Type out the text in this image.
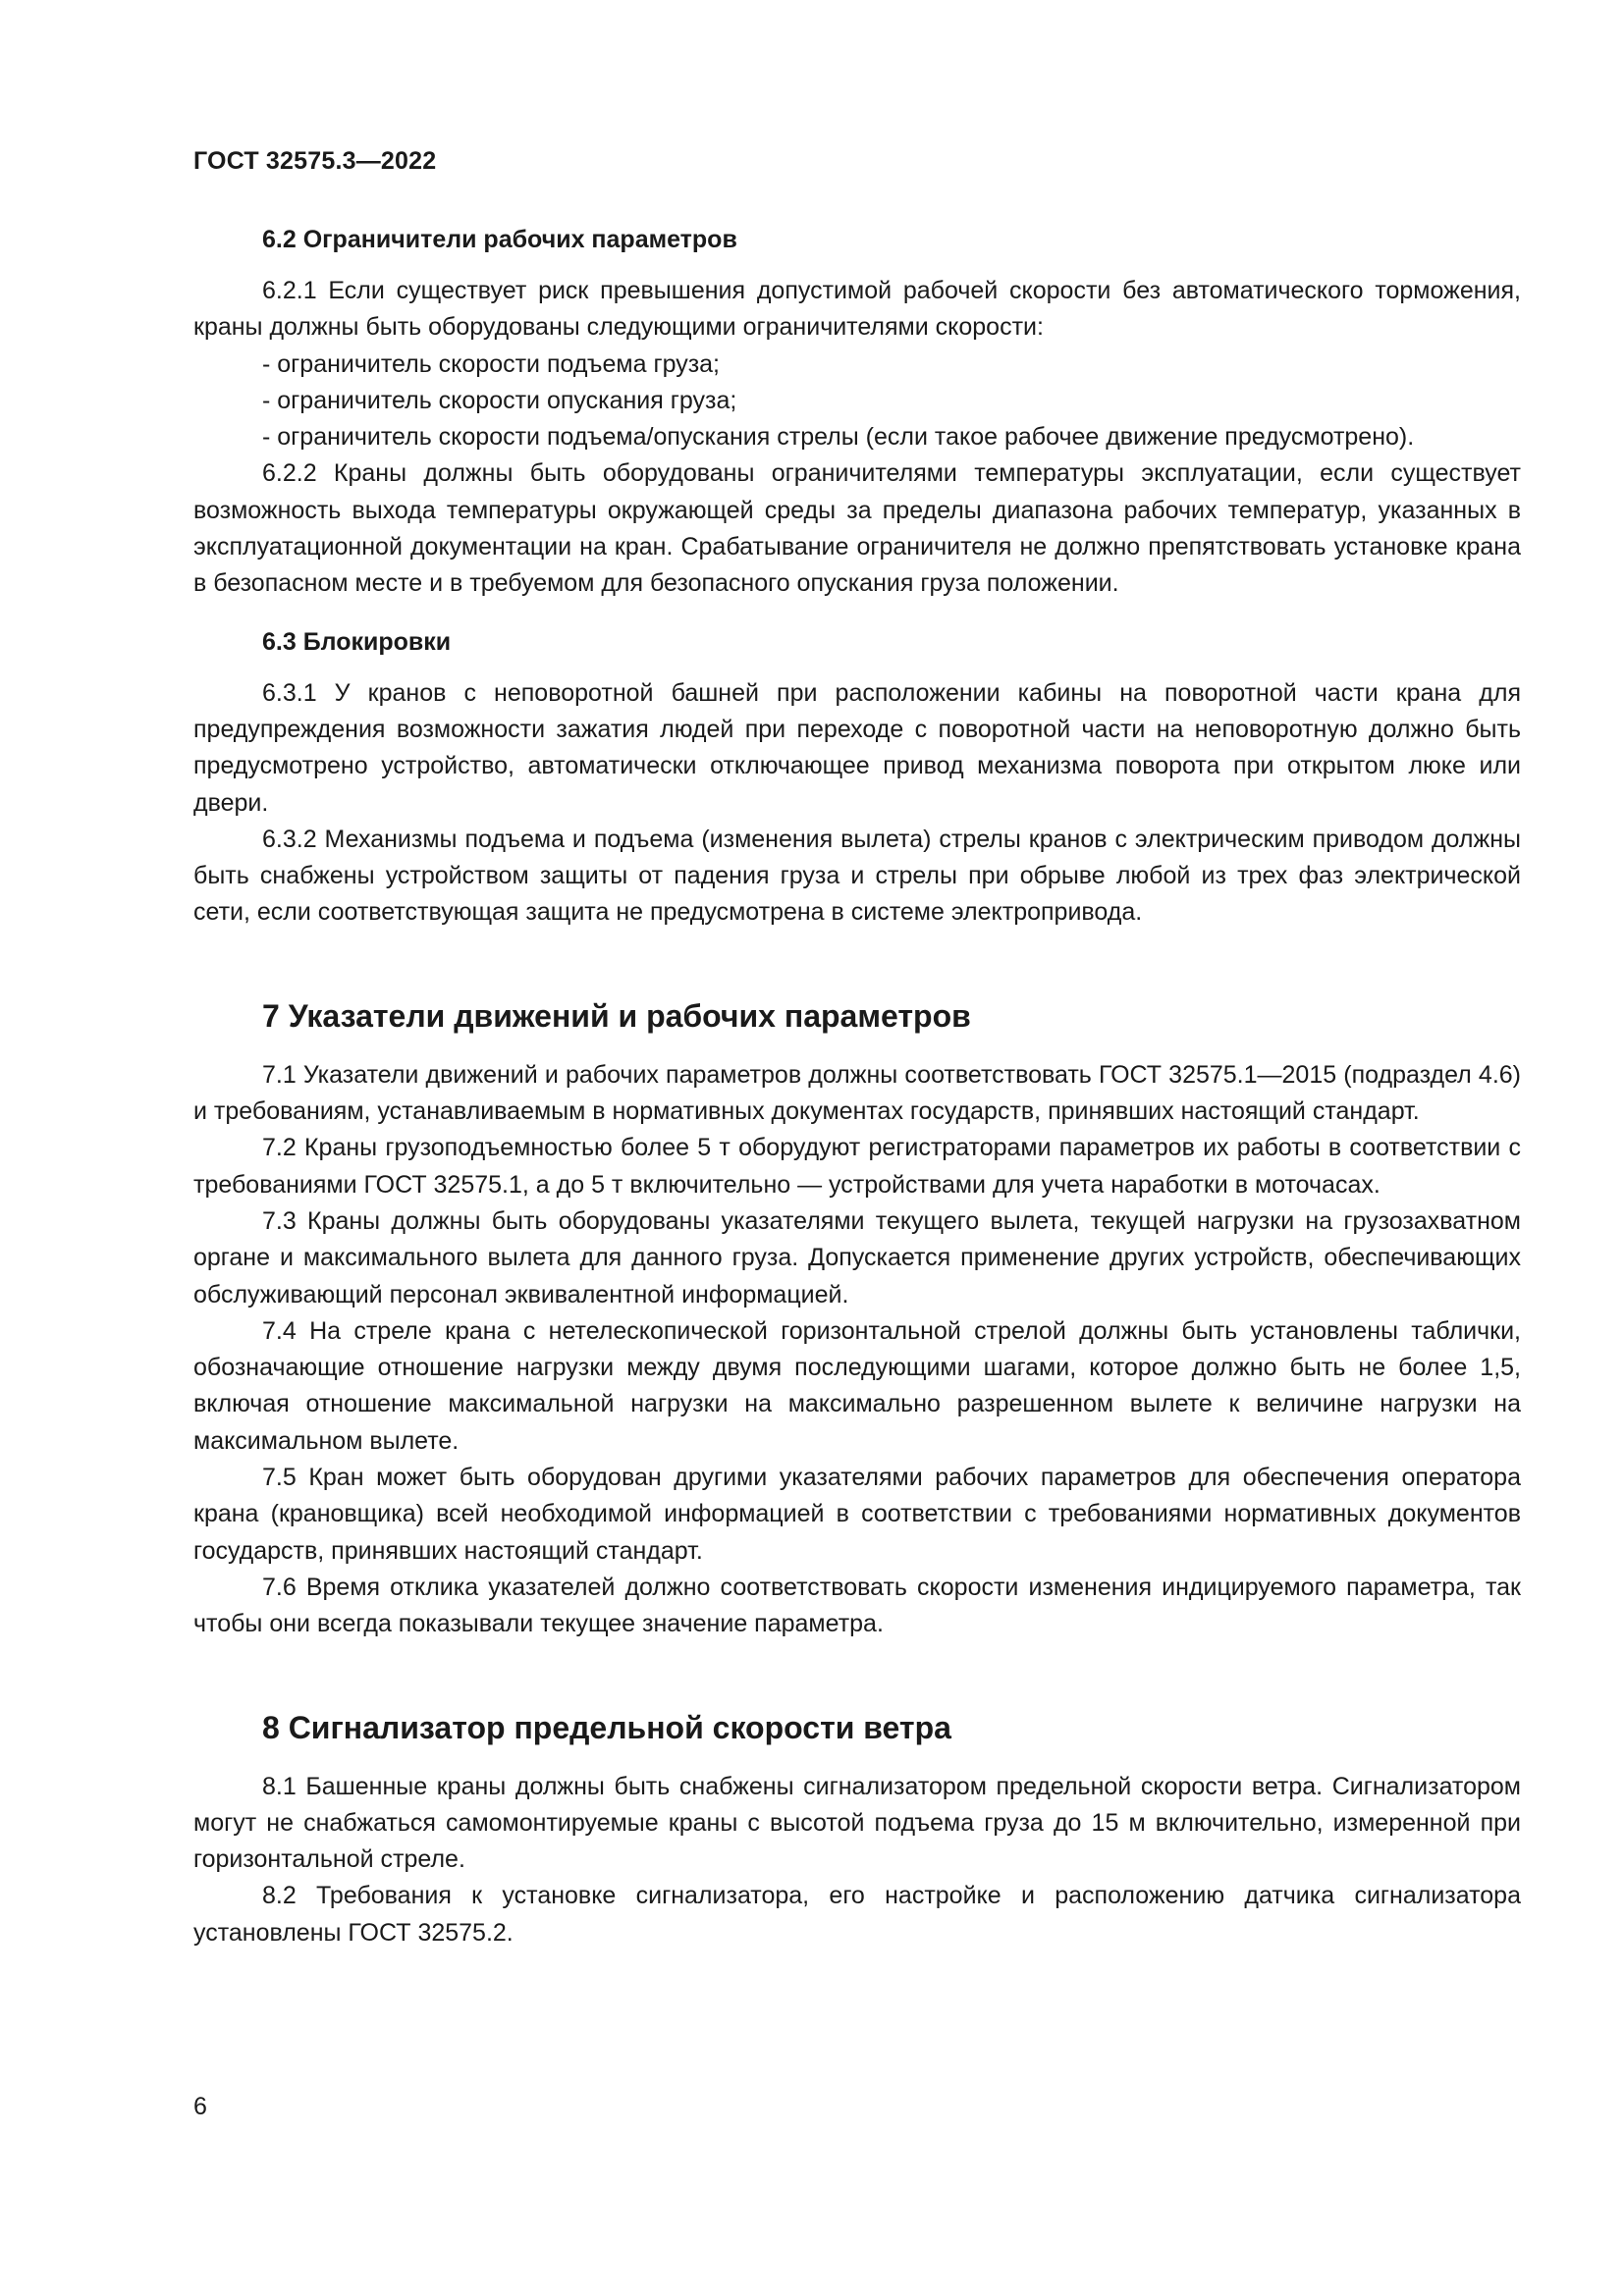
ГОСТ 32575.3—2022
6.2 Ограничители рабочих параметров

6.2.1 Если существует риск превышения допустимой рабочей скорости без автоматического торможения, краны должны быть оборудованы следующими ограничителями скорости:

- ограничитель скорости подъема груза;

- ограничитель скорости опускания груза;

- ограничитель скорости подъема/опускания стрелы (если такое рабочее движение предусмотрено).

6.2.2 Краны должны быть оборудованы ограничителями температуры эксплуатации, если существует возможность выхода температуры окружающей среды за пределы диапазона рабочих температур, указанных в эксплуатационной документации на кран. Срабатывание ограничителя не должно препятствовать установке крана в безопасном месте и в требуемом для безопасного опускания груза положении.

6.3 Блокировки

6.3.1 У кранов с неповоротной башней при расположении кабины на поворотной части крана для предупреждения возможности зажатия людей при переходе с поворотной части на неповоротную должно быть предусмотрено устройство, автоматически отключающее привод механизма поворота при открытом люке или двери.

6.3.2 Механизмы подъема и подъема (изменения вылета) стрелы кранов с электрическим приводом должны быть снабжены устройством защиты от падения груза и стрелы при обрыве любой из трех фаз электрической сети, если соответствующая защита не предусмотрена в системе электропривода.

7 Указатели движений и рабочих параметров

7.1 Указатели движений и рабочих параметров должны соответствовать ГОСТ 32575.1—2015 (подраздел 4.6) и требованиям, устанавливаемым в нормативных документах государств, принявших настоящий стандарт.

7.2 Краны грузоподъемностью более 5 т оборудуют регистраторами параметров их работы в соответствии с требованиями ГОСТ 32575.1, а до 5 т включительно — устройствами для учета наработки в моточасах.

7.3 Краны должны быть оборудованы указателями текущего вылета, текущей нагрузки на грузозахватном органе и максимального вылета для данного груза. Допускается применение других устройств, обеспечивающих обслуживающий персонал эквивалентной информацией.

7.4 На стреле крана с нетелескопической горизонтальной стрелой должны быть установлены таблички, обозначающие отношение нагрузки между двумя последующими шагами, которое должно быть не более 1,5, включая отношение максимальной нагрузки на максимально разрешенном вылете к величине нагрузки на максимальном вылете.

7.5 Кран может быть оборудован другими указателями рабочих параметров для обеспечения оператора крана (крановщика) всей необходимой информацией в соответствии с требованиями нормативных документов государств, принявших настоящий стандарт.

7.6 Время отклика указателей должно соответствовать скорости изменения индицируемого параметра, так чтобы они всегда показывали текущее значение параметра.

8 Сигнализатор предельной скорости ветра

8.1 Башенные краны должны быть снабжены сигнализатором предельной скорости ветра. Сигнализатором могут не снабжаться самомонтируемые краны с высотой подъема груза до 15 м включительно, измеренной при горизонтальной стреле.

8.2 Требования к установке сигнализатора, его настройке и расположению датчика сигнализатора установлены ГОСТ 32575.2.

6
